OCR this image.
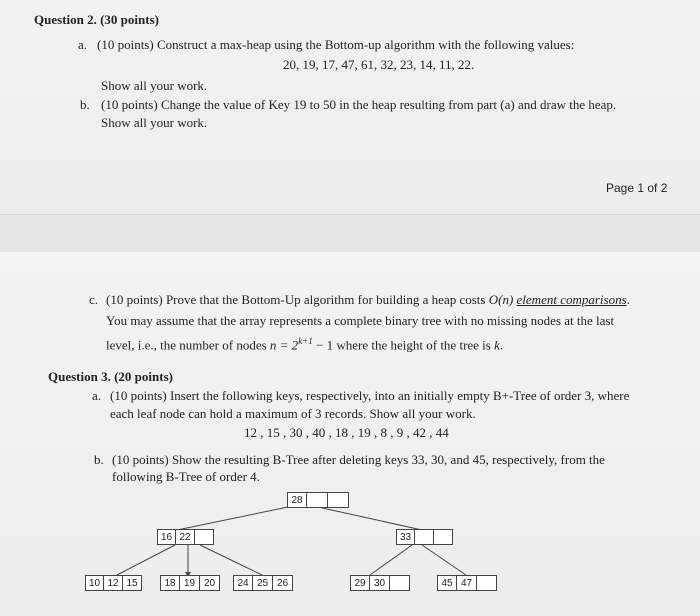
Question 2. (30 points)
a. (10 points) Construct a max-heap using the Bottom-up algorithm with the following values:
20, 19, 17, 47, 61, 32, 23, 14, 11, 22.
Show all your work.
b. (10 points) Change the value of Key 19 to 50 in the heap resulting from part (a) and draw the heap.
Show all your work.
Page 1 of 2
c. (10 points) Prove that the Bottom-Up algorithm for building a heap costs O(n) element comparisons.
You may assume that the array represents a complete binary tree with no missing nodes at the last
level, i.e., the number of nodes $n = 2^{k+1} - 1$ where the height of the tree is k.
Question 3. (20 points)
a. (10 points) Insert the following keys, respectively, into an initially empty B+-Tree of order 3, where
each leaf node can hold a maximum of 3 records. Show all your work.
12 , 15 , 30 , 40 , 18 , 19 , 8 , 9 , 42 , 44
b. (10 points) Show the resulting B-Tree after deleting keys 33, 30, and 45, respectively, from the
following B-Tree of order 4.
28
16 22	33
10 12 15	18 19 20	24 25 26	29 30	45 47
